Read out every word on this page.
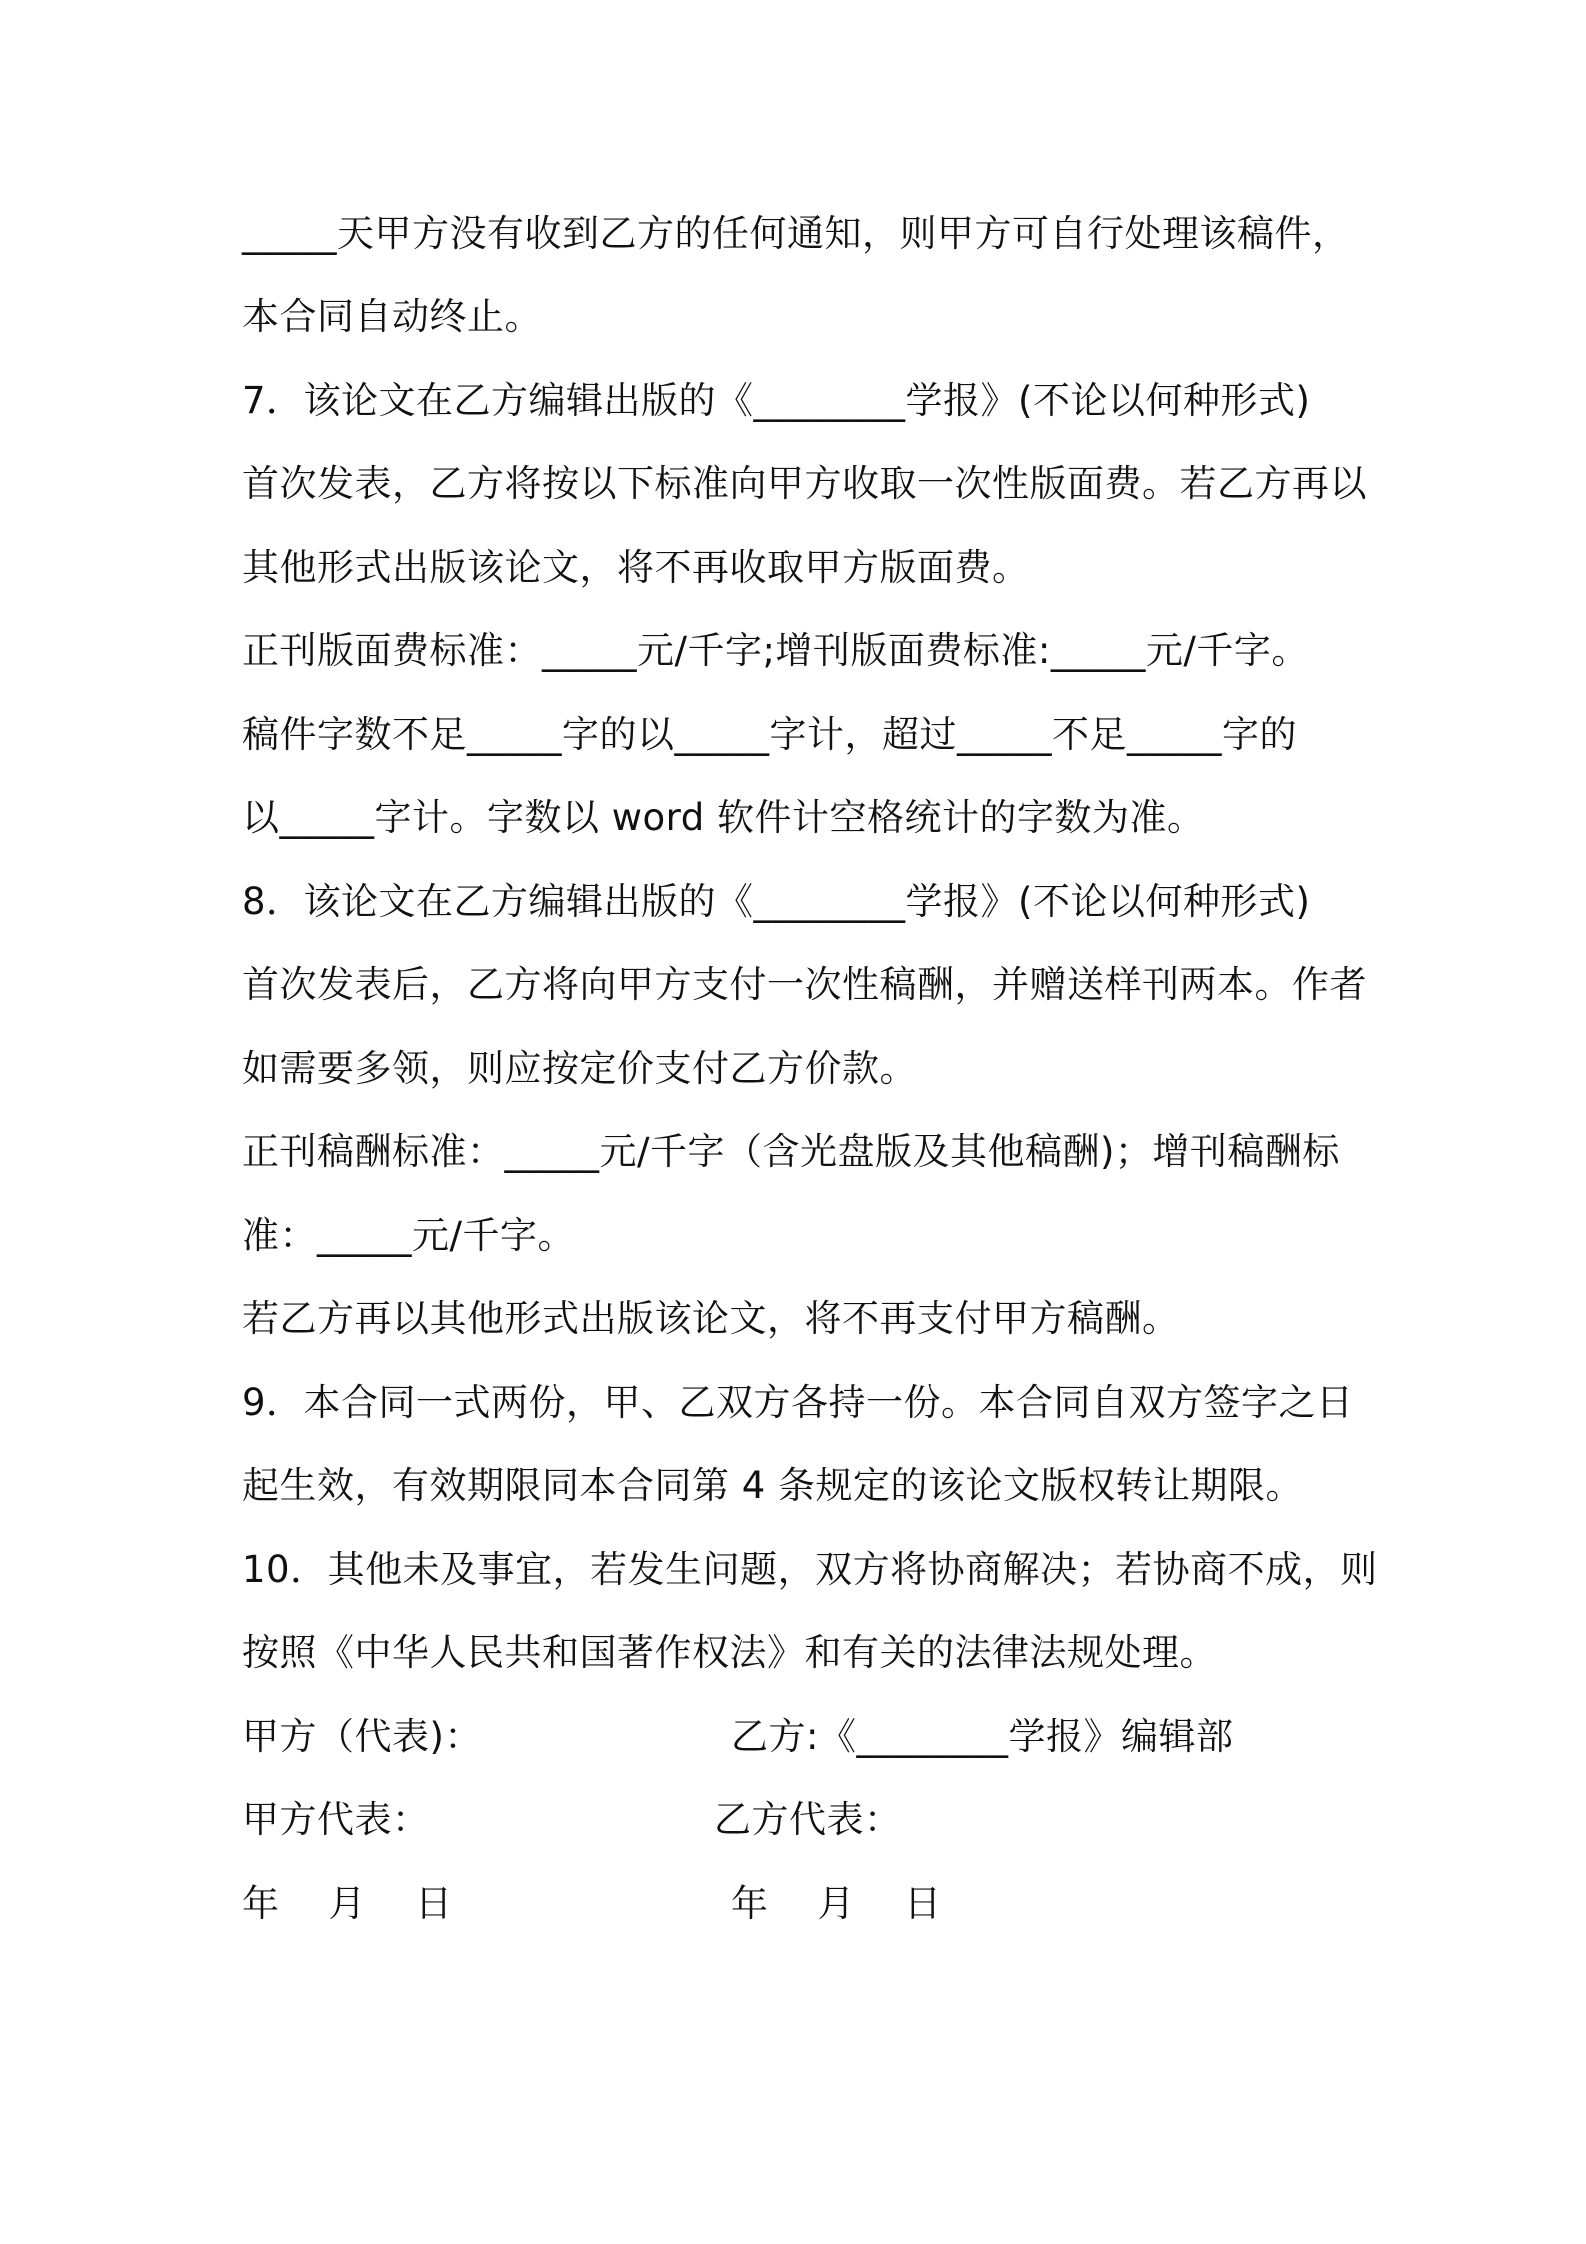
_____天甲方没有收到乙方的任何通知，则甲方可自行处理该稿件，
本合同自动终止。
7．该论文在乙方编辑出版的《________学报》(不论以何种形式)
首次发表，乙方将按以下标准向甲方收取一次性版面费。若乙方再以
其他形式出版该论文，将不再收取甲方版面费。
正刊版面费标准：_____元/千字;增刊版面费标准:_____元/千字。
稿件字数不足_____字的以_____字计，超过_____不足_____字的
以_____字计。字数以 word 软件计空格统计的字数为准。
8．该论文在乙方编辑出版的《________学报》(不论以何种形式)
首次发表后，乙方将向甲方支付一次性稿酬，并赠送样刊两本。作者
如需要多领，则应按定价支付乙方价款。
正刊稿酬标准：_____元/千字（含光盘版及其他稿酬)；增刊稿酬标
准：_____元/千字。
若乙方再以其他形式出版该论文，将不再支付甲方稿酬。
9．本合同一式两份，甲、乙双方各持一份。本合同自双方签字之日
起生效，有效期限同本合同第 4 条规定的该论文版权转让期限。
10．其他未及事宜，若发生问题，双方将协商解决；若协商不成，则
按照《中华人民共和国著作权法》和有关的法律法规处理。
甲方（代表)：	乙方:《________学报》编辑部
甲方代表：	乙方代表：
年    月    日	年    月    日
